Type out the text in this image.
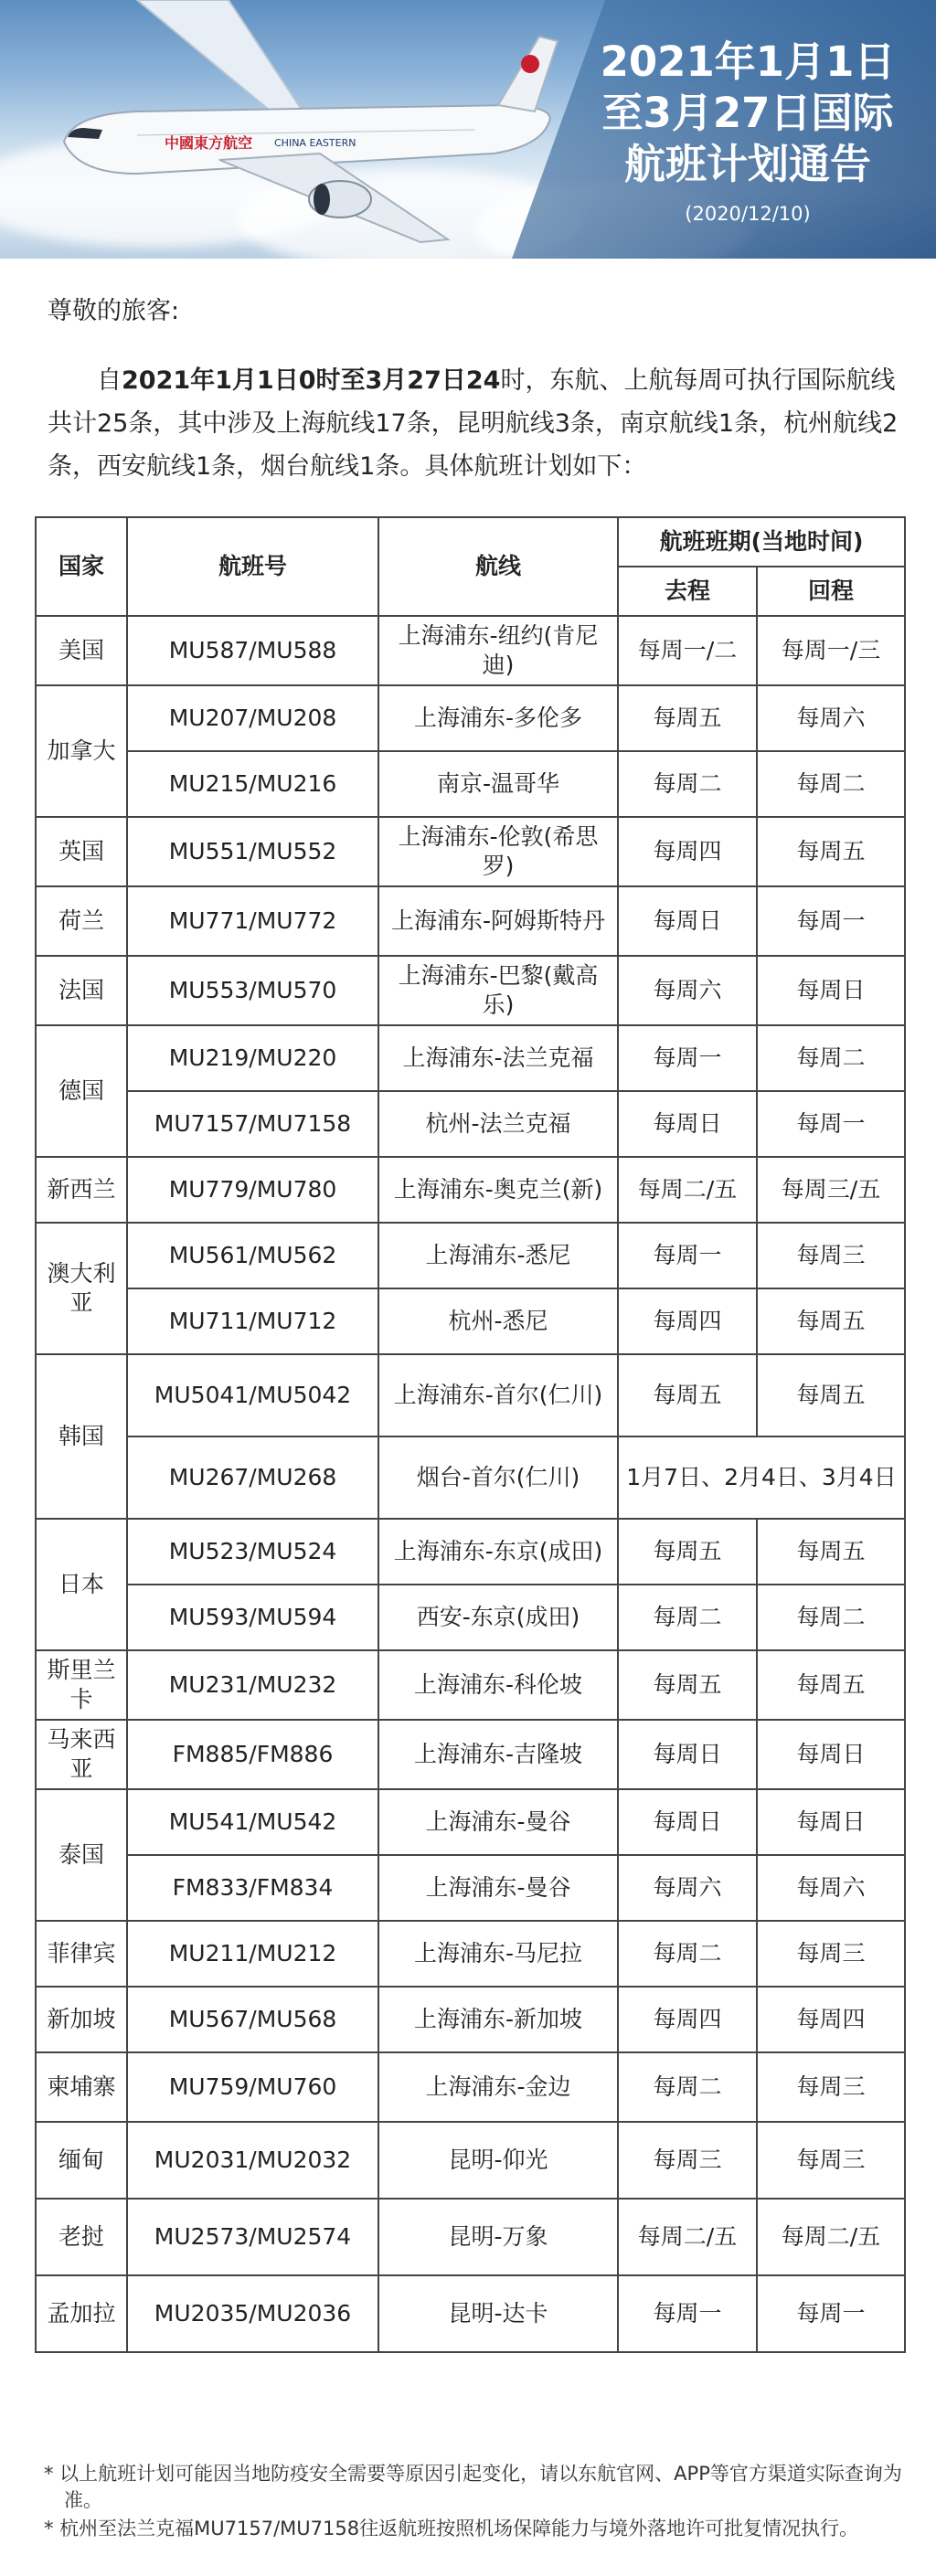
中國東方航空 CHINA EASTERN
2021年1月1日
至3月27日国际
航班计划通告
(2020/12/10)
尊敬的旅客:
自2021年1月1日0时至3月27日24时，东航、上航每周可执行国际航线共计25条，其中涉及上海航线17条，昆明航线3条，南京航线1条，杭州航线2条，西安航线1条，烟台航线1条。具体航班计划如下：
国家	航班号	航线	航班班期(当地时间)	
			去程	回程
美国	MU587/MU588	上海浦东-纽约(肯尼迪)	每周一/二	每周一/三
加拿大	MU207/MU208	上海浦东-多伦多	每周五	每周六
	MU215/MU216	南京-温哥华	每周二	每周二
英国	MU551/MU552	上海浦东-伦敦(希思罗)	每周四	每周五
荷兰	MU771/MU772	上海浦东-阿姆斯特丹	每周日	每周一
法国	MU553/MU570	上海浦东-巴黎(戴高乐)	每周六	每周日
德国	MU219/MU220	上海浦东-法兰克福	每周一	每周二
	MU7157/MU7158	杭州-法兰克福	每周日	每周一
新西兰	MU779/MU780	上海浦东-奥克兰(新)	每周二/五	每周三/五
澳大利亚	MU561/MU562	上海浦东-悉尼	每周一	每周三
	MU711/MU712	杭州-悉尼	每周四	每周五
韩国	MU5041/MU5042	上海浦东-首尔(仁川)	每周五	每周五
	MU267/MU268	烟台-首尔(仁川)	1月7日、2月4日、3月4日	
日本	MU523/MU524	上海浦东-东京(成田)	每周五	每周五
	MU593/MU594	西安-东京(成田)	每周二	每周二
斯里兰卡	MU231/MU232	上海浦东-科伦坡	每周五	每周五
马来西亚	FM885/FM886	上海浦东-吉隆坡	每周日	每周日
泰国	MU541/MU542	上海浦东-曼谷	每周日	每周日
	FM833/FM834	上海浦东-曼谷	每周六	每周六
菲律宾	MU211/MU212	上海浦东-马尼拉	每周二	每周三
新加坡	MU567/MU568	上海浦东-新加坡	每周四	每周四
柬埔寨	MU759/MU760	上海浦东-金边	每周二	每周三
缅甸	MU2031/MU2032	昆明-仰光	每周三	每周三
老挝	MU2573/MU2574	昆明-万象	每周二/五	每周二/五
孟加拉	MU2035/MU2036	昆明-达卡	每周一	每周一
* 以上航班计划可能因当地防疫安全需要等原因引起变化，请以东航官网、APP等官方渠道实际查询为准。
* 杭州至法兰克福MU7157/MU7158往返航班按照机场保障能力与境外落地许可批复情况执行。
